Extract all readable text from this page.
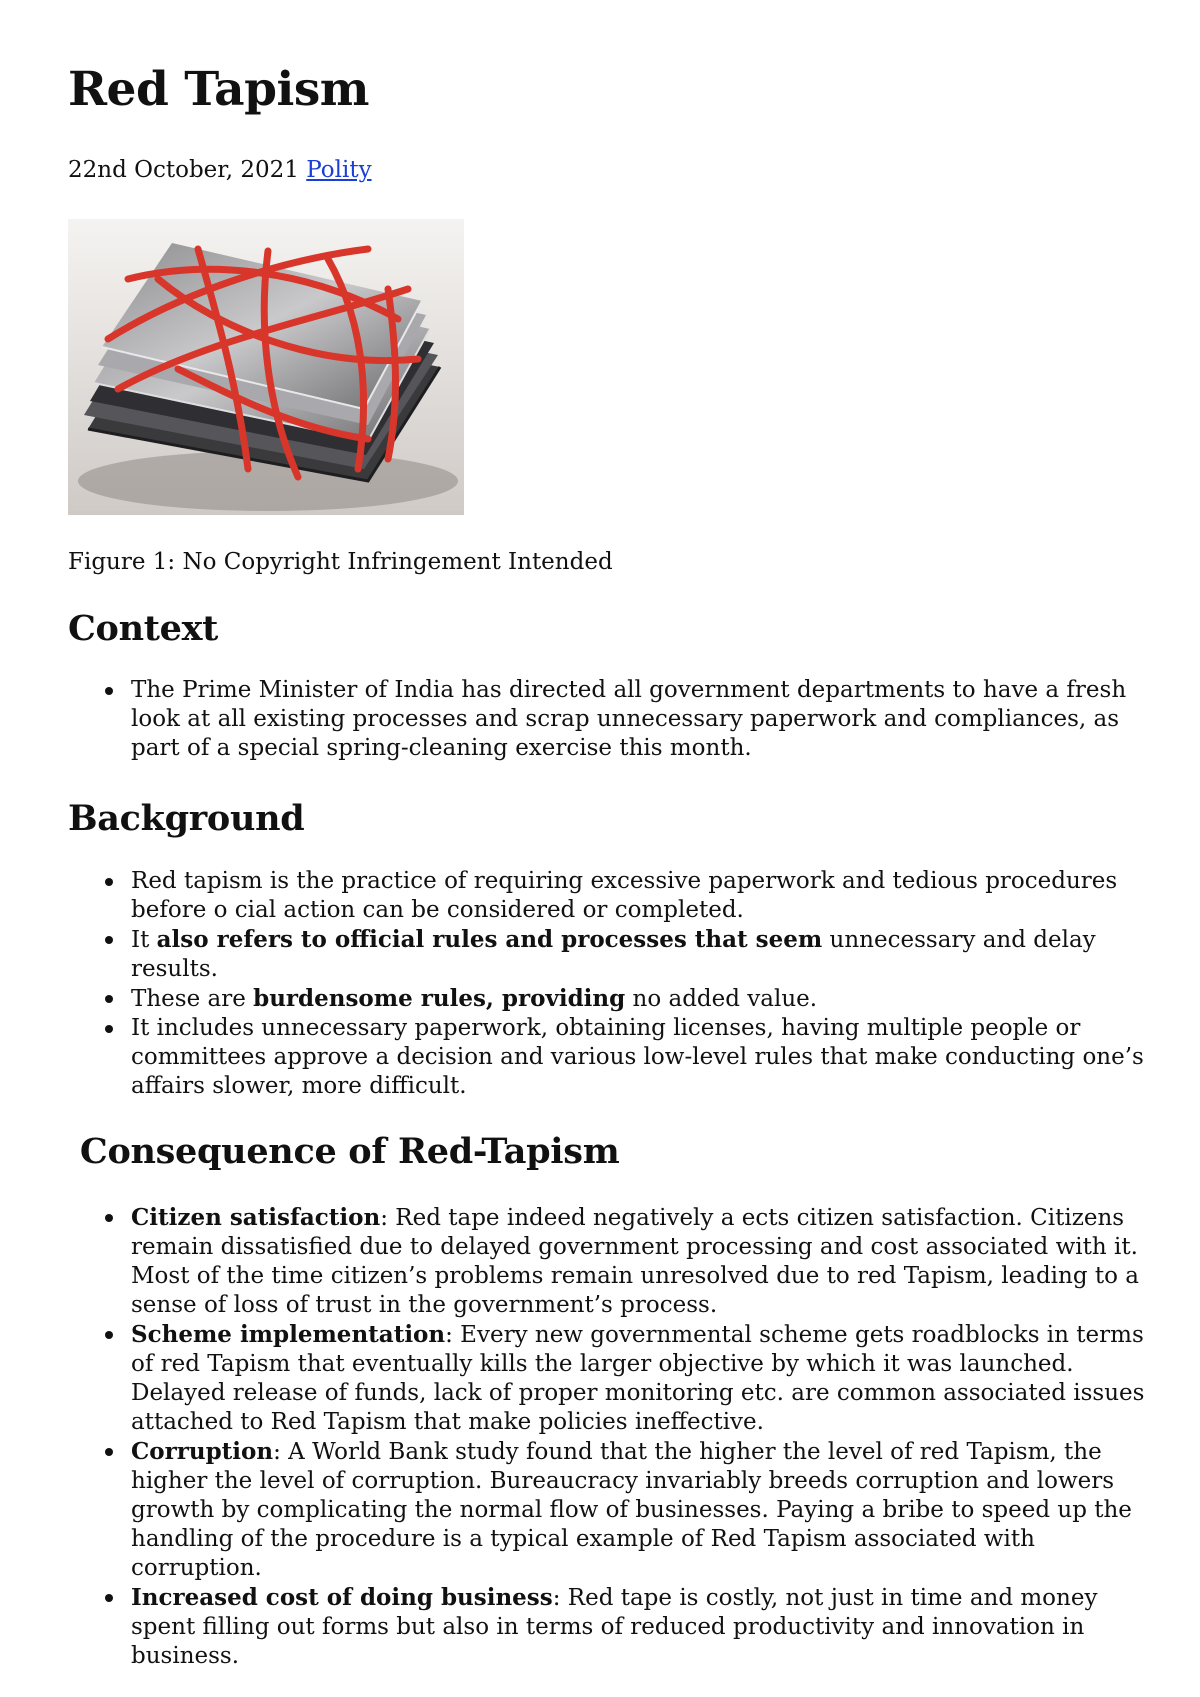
Red Tapism

22nd October, 2021 Polity

Figure 1: No Copyright Infringement Intended

Context
The Prime Minister of India has directed all government departments to have a fresh look at all existing processes and scrap unnecessary paperwork and compliances, as part of a special spring-cleaning exercise this month.
Background
Red tapism is the practice of requiring excessive paperwork and tedious procedures before o cial action can be considered or completed.
It also refers to official rules and processes that seem unnecessary and delay results.
These are burdensome rules, providing no added value.
It includes unnecessary paperwork, obtaining licenses, having multiple people or committees approve a decision and various low-level rules that make conducting one’s affairs slower, more difficult.
Consequence of Red-Tapism
Citizen satisfaction: Red tape indeed negatively a ects citizen satisfaction. Citizens remain dissatisfied due to delayed government processing and cost associated with it. Most of the time citizen’s problems remain unresolved due to red Tapism, leading to a sense of loss of trust in the government’s process.
Scheme implementation: Every new governmental scheme gets roadblocks in terms of red Tapism that eventually kills the larger objective by which it was launched. Delayed release of funds, lack of proper monitoring etc. are common associated issues attached to Red Tapism that make policies ineffective.
Corruption: A World Bank study found that the higher the level of red Tapism, the higher the level of corruption. Bureaucracy invariably breeds corruption and lowers growth by complicating the normal flow of businesses. Paying a bribe to speed up the handling of the procedure is a typical example of Red Tapism associated with corruption.
Increased cost of doing business: Red tape is costly, not just in time and money spent filling out forms but also in terms of reduced productivity and innovation in business.
